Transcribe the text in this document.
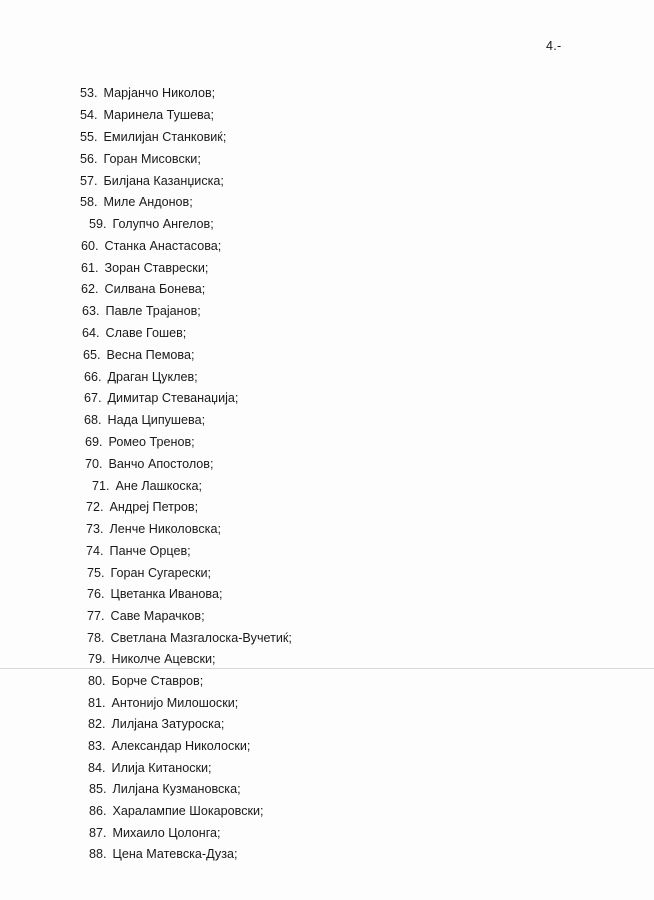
4.-
53. Марјанчо Николов;
54. Маринела Тушева;
55. Емилијан Станковиќ;
56. Горан Мисовски;
57. Билјана Казанџиска;
58. Миле Андонов;
59. Голупчо Ангелов;
60. Станка Анастасова;
61. Зоран Ставрески;
62. Силвана Бонева;
63. Павле Трајанов;
64. Славе Гошев;
65. Весна Пемова;
66. Драган Цуклев;
67. Димитар Стеванаџија;
68. Нада Ципушева;
69. Ромео Тренов;
70. Ванчо Апостолов;
71. Ане Лашкоска;
72. Андреј Петров;
73. Ленче Николовска;
74. Панче Орцев;
75. Горан Сугарески;
76. Цветанка Иванова;
77. Саве Марачков;
78. Светлана Мазгалоска-Вучетиќ;
79. Николче Ацевски;
80. Борче Ставров;
81. Антонијо Милошоски;
82. Лилјана Затуроска;
83. Александар Николоски;
84. Илија Китаноски;
85. Лилјана Кузмановска;
86. Харалампие Шокаровски;
87. Михаило Цолонга;
88. Цена Матевска-Дуза;
